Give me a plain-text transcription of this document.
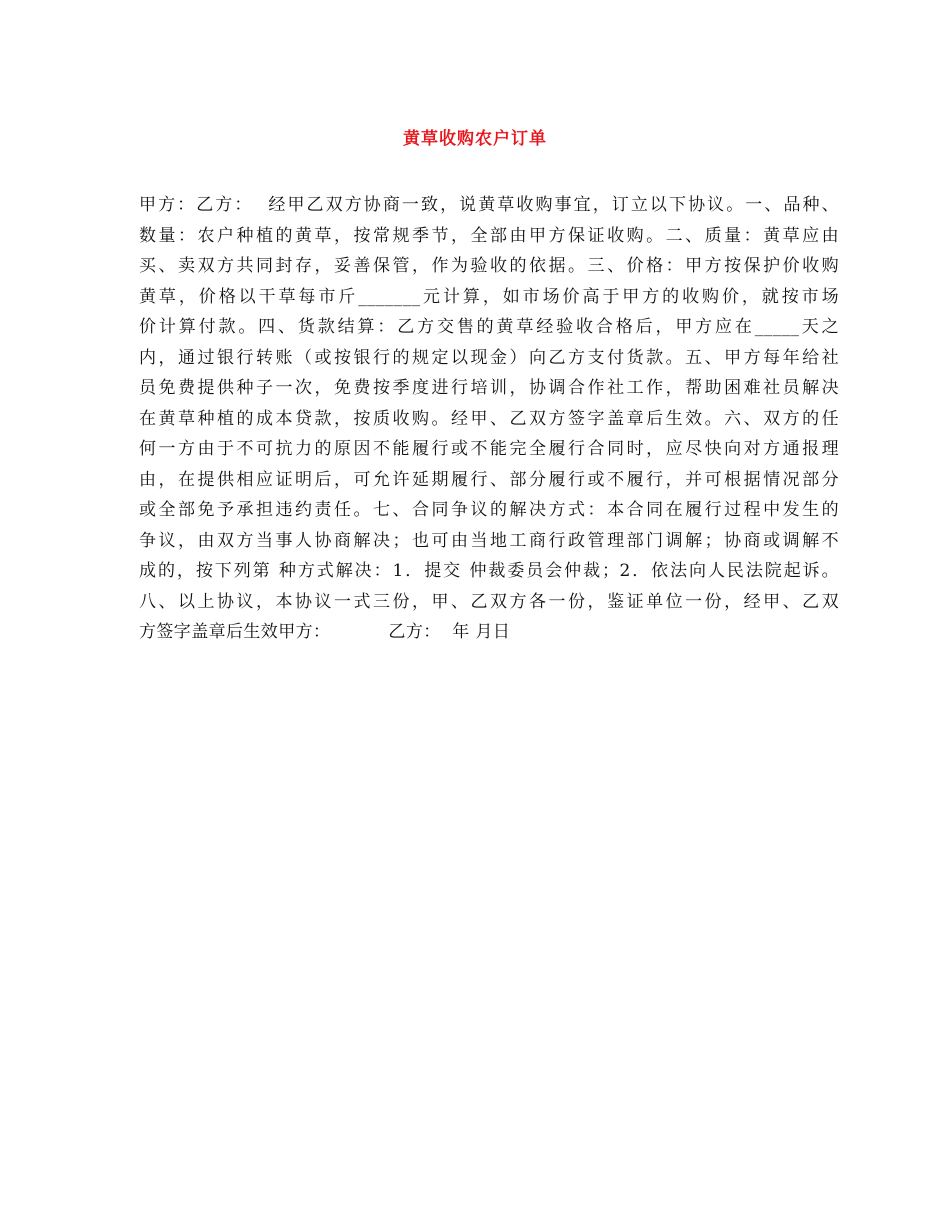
黄草收购农户订单
甲方：乙方：  经甲乙双方协商一致，说黄草收购事宜，订立以下协议。一、品种、
数量：农户种植的黄草，按常规季节，全部由甲方保证收购。二、质量：黄草应由
买、卖双方共同封存，妥善保管，作为验收的依据。三、价格：甲方按保护价收购
黄草，价格以干草每市斤_______元计算，如市场价高于甲方的收购价，就按市场
价计算付款。四、货款结算：乙方交售的黄草经验收合格后，甲方应在_____天之
内，通过银行转账（或按银行的规定以现金）向乙方支付货款。五、甲方每年给社
员免费提供种子一次，免费按季度进行培训，协调合作社工作，帮助困难社员解决
在黄草种植的成本贷款，按质收购。经甲、乙双方签字盖章后生效。六、双方的任
何一方由于不可抗力的原因不能履行或不能完全履行合同时，应尽快向对方通报理
由，在提供相应证明后，可允许延期履行、部分履行或不履行，并可根据情况部分
或全部免予承担违约责任。七、合同争议的解决方式：本合同在履行过程中发生的
争议，由双方当事人协商解决；也可由当地工商行政管理部门调解；协商或调解不
成的，按下列第 种方式解决：1．提交 仲裁委员会仲裁；2．依法向人民法院起诉。
八、以上协议，本协议一式三份，甲、乙双方各一份，鉴证单位一份，经甲、乙双
方签字盖章后生效甲方：          乙方：  年 月日
